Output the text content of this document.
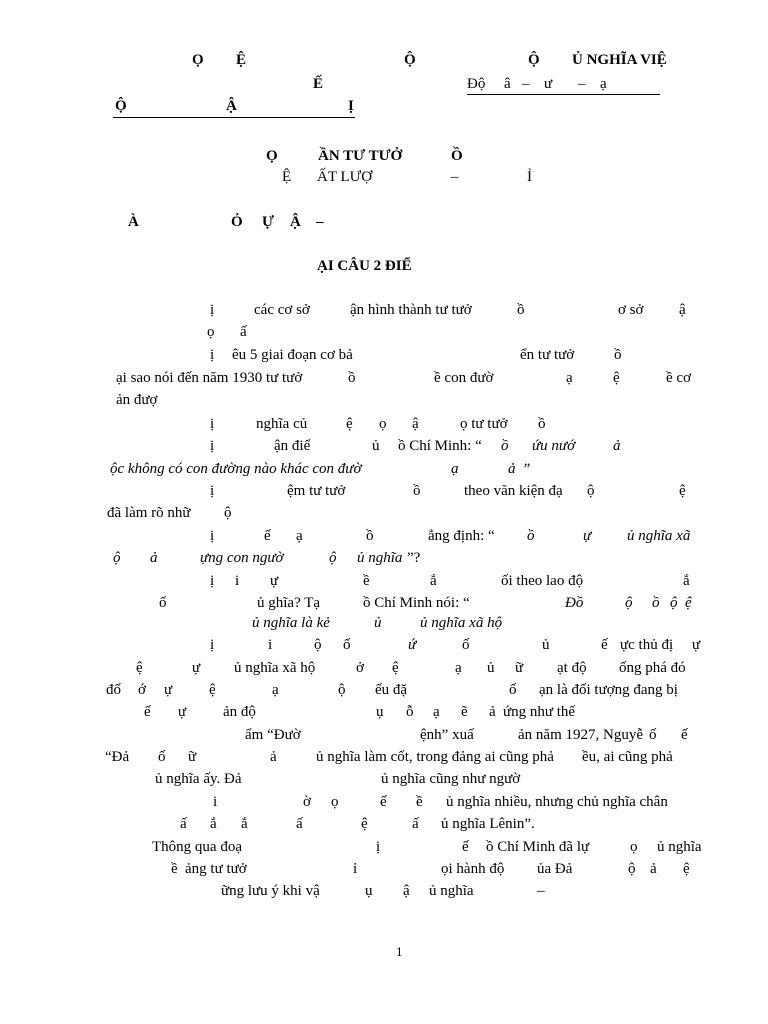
Ọ Ệ	Ộ	Ộ Ủ NGHĨA VIỆ
Ế	Độ â – ư – ạ
Ộ	Ậ	Ị
Ọ	ẦN TƯ TƯỞ	Ồ
Ệ ẤT LƯỢ	–	Ỉ
À	Ỏ Ự Ậ –
ẠI CÂU 2 ĐIỂ
ị	các cơ sở	ận hình thành tư tưở	ồ	ơ sở ậ
ọ ấ
ị êu 5 giai đoạn cơ bả	ển tư tưở	ồ
ại sao nói đến năm 1930 tư tưở	ồ	ề con đườ	ạ	ệ	ề cơ
ản đượ
ị	nghĩa củ	ệ ọ ậ	ọ tư tưở ồ
ị	ận điể	ủ ồ Chí Minh: “ ồ ứu nướ	ả
ộc không có con đường nào khác con đườ	ạ	ả ”
ị	ệm tư tưở	ồ	theo văn kiện đạ ộ	ệ
đã làm rõ nhữ ộ
ị	ế ạ	ồ	ẳng định: “ ồ	ự ủ nghĩa xã
ộ ả	ựng con ngườ	ộ ủ nghĩa ”?
ị i ự	ề	ắ	ối theo lao độ	ắ
ố	ủ ghĩa? Tạ	ồ Chí Minh nói: “	Đồ	ộ ồ ộ ệ
ủ nghĩa là kẻ	ủ	ủ nghĩa xã hộ
ị	i	ộ ố	ứ	ố	ủ	ế ực thủ đị ự
ệ	ự ủ nghĩa xã hộ	ở ệ	ạ ủ ữ ạt độ ống phá đó
đố ớ ự ệ	ạ	ộ ếu đặ	ố ạn là đối tượng đang bị
ế ự ản độ	ụ ỗ ạ ẽ ả ứng như thế
ẩm “Đườ	ệnh” xuấ	ản năm 1927, Nguyễ ố ế
“Đả ố ữ	ả	ủ nghĩa làm cốt, trong đảng ai cũng phả ều, ai cũng phả
ủ nghĩa ấy. Đả	ủ nghĩa cũng như ngườ
i	ờ ọ	ế ề ủ nghĩa nhiều, nhưng chủ nghĩa chân
ấ ắ ắ	ấ	ệ	ấ ủ nghĩa Lênin”.
Thông qua đoạ	ị	ế ồ Chí Minh đã lự	ọ ủ nghĩa
ề ảng tư tưở	ỉ	ọi hành độ ủa Đả	ộ ả ệ
ững lưu ý khi vậ	ụ ậ ủ nghĩa	–
1
